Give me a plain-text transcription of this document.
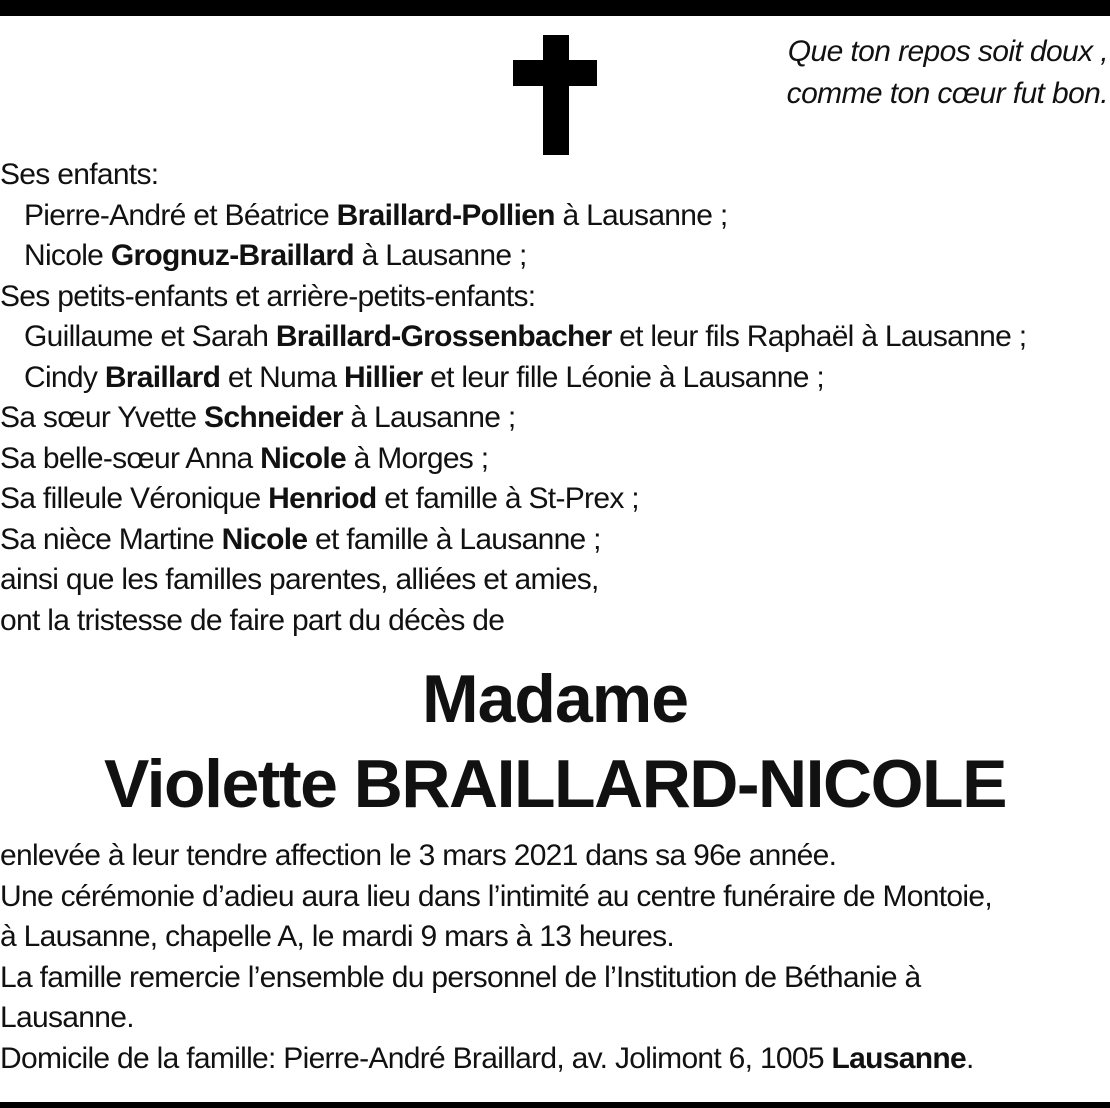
Que ton repos soit doux ,
comme ton cœur fut bon.
Ses enfants:
Pierre-André et Béatrice Braillard-Pollien à Lausanne ;
Nicole Grognuz-Braillard à Lausanne ;
Ses petits-enfants et arrière-petits-enfants:
Guillaume et Sarah Braillard-Grossenbacher et leur fils Raphaël à Lausanne ;
Cindy Braillard et Numa Hillier et leur fille Léonie à Lausanne ;
Sa sœur Yvette Schneider à Lausanne ;
Sa belle-sœur Anna Nicole à Morges ;
Sa filleule Véronique Henriod et famille à St-Prex ;
Sa nièce Martine Nicole et famille à Lausanne ;
ainsi que les familles parentes, alliées et amies,
ont la tristesse de faire part du décès de
Madame
Violette BRAILLARD-NICOLE
enlevée à leur tendre affection le 3 mars 2021 dans sa 96e année.
Une cérémonie d’adieu aura lieu dans l’intimité au centre funéraire de Montoie,
à Lausanne, chapelle A, le mardi 9 mars à 13 heures.
La famille remercie l’ensemble du personnel de l’Institution de Béthanie à
Lausanne.
Domicile de la famille: Pierre-André Braillard, av. Jolimont 6, 1005 Lausanne.
